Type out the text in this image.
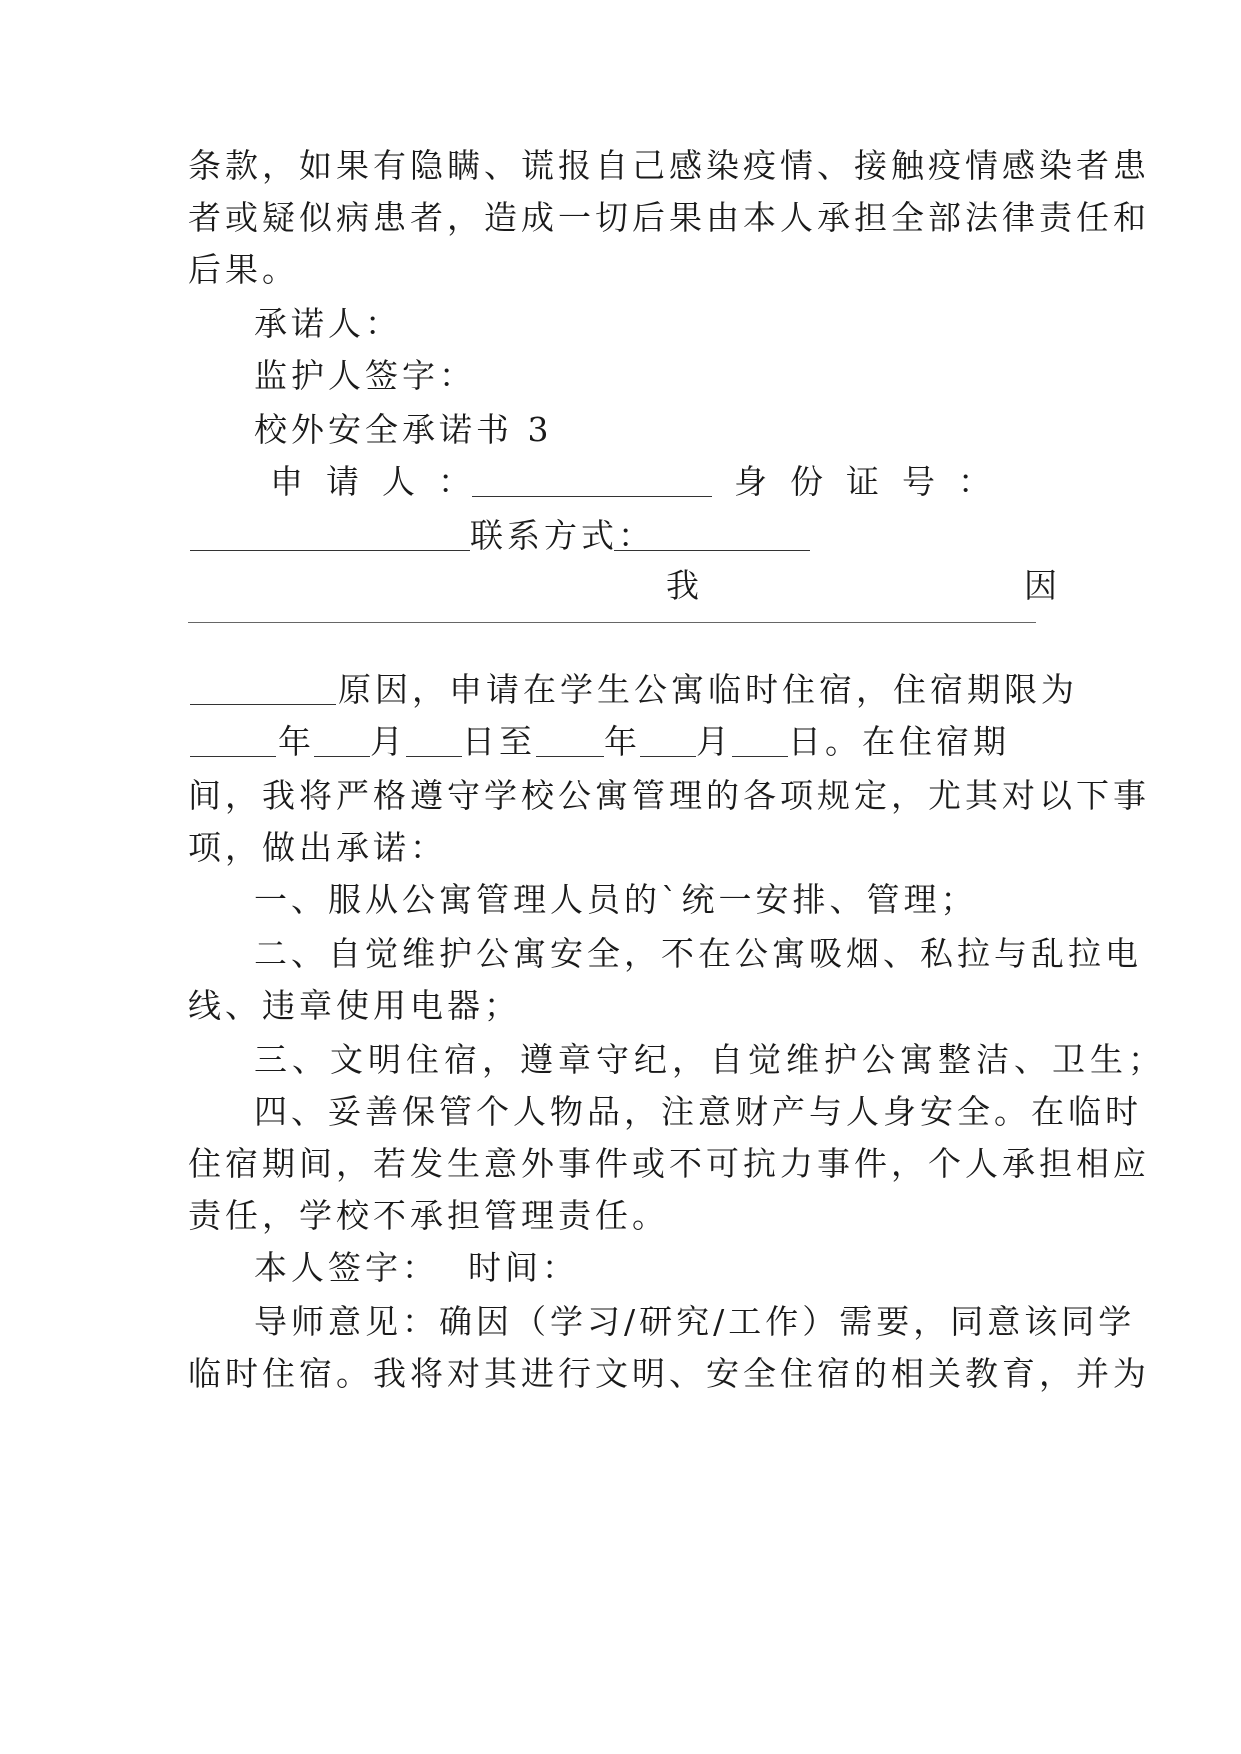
条款，如果有隐瞒、谎报自己感染疫情、接触疫情感染者患
者或疑似病患者，造成一切后果由本人承担全部法律责任和
后果。
承诺人：
监护人签字：
校外安全承诺书 3
申请人：	身份证号：
联系方式：
我	因
原因，申请在学生公寓临时住宿，住宿期限为
年 月 日至 年 月 日。在住宿期
间，我将严格遵守学校公寓管理的各项规定，尤其对以下事
项，做出承诺：
一、服从公寓管理人员的`统一安排、管理；
二、自觉维护公寓安全，不在公寓吸烟、私拉与乱拉电
线、违章使用电器；
三、文明住宿，遵章守纪，自觉维护公寓整洁、卫生；
四、妥善保管个人物品，注意财产与人身安全。在临时
住宿期间，若发生意外事件或不可抗力事件，个人承担相应
责任，学校不承担管理责任。
本人签字：  时间：
导师意见：确因（学习/研究/工作）需要，同意该同学
临时住宿。我将对其进行文明、安全住宿的相关教育，并为
